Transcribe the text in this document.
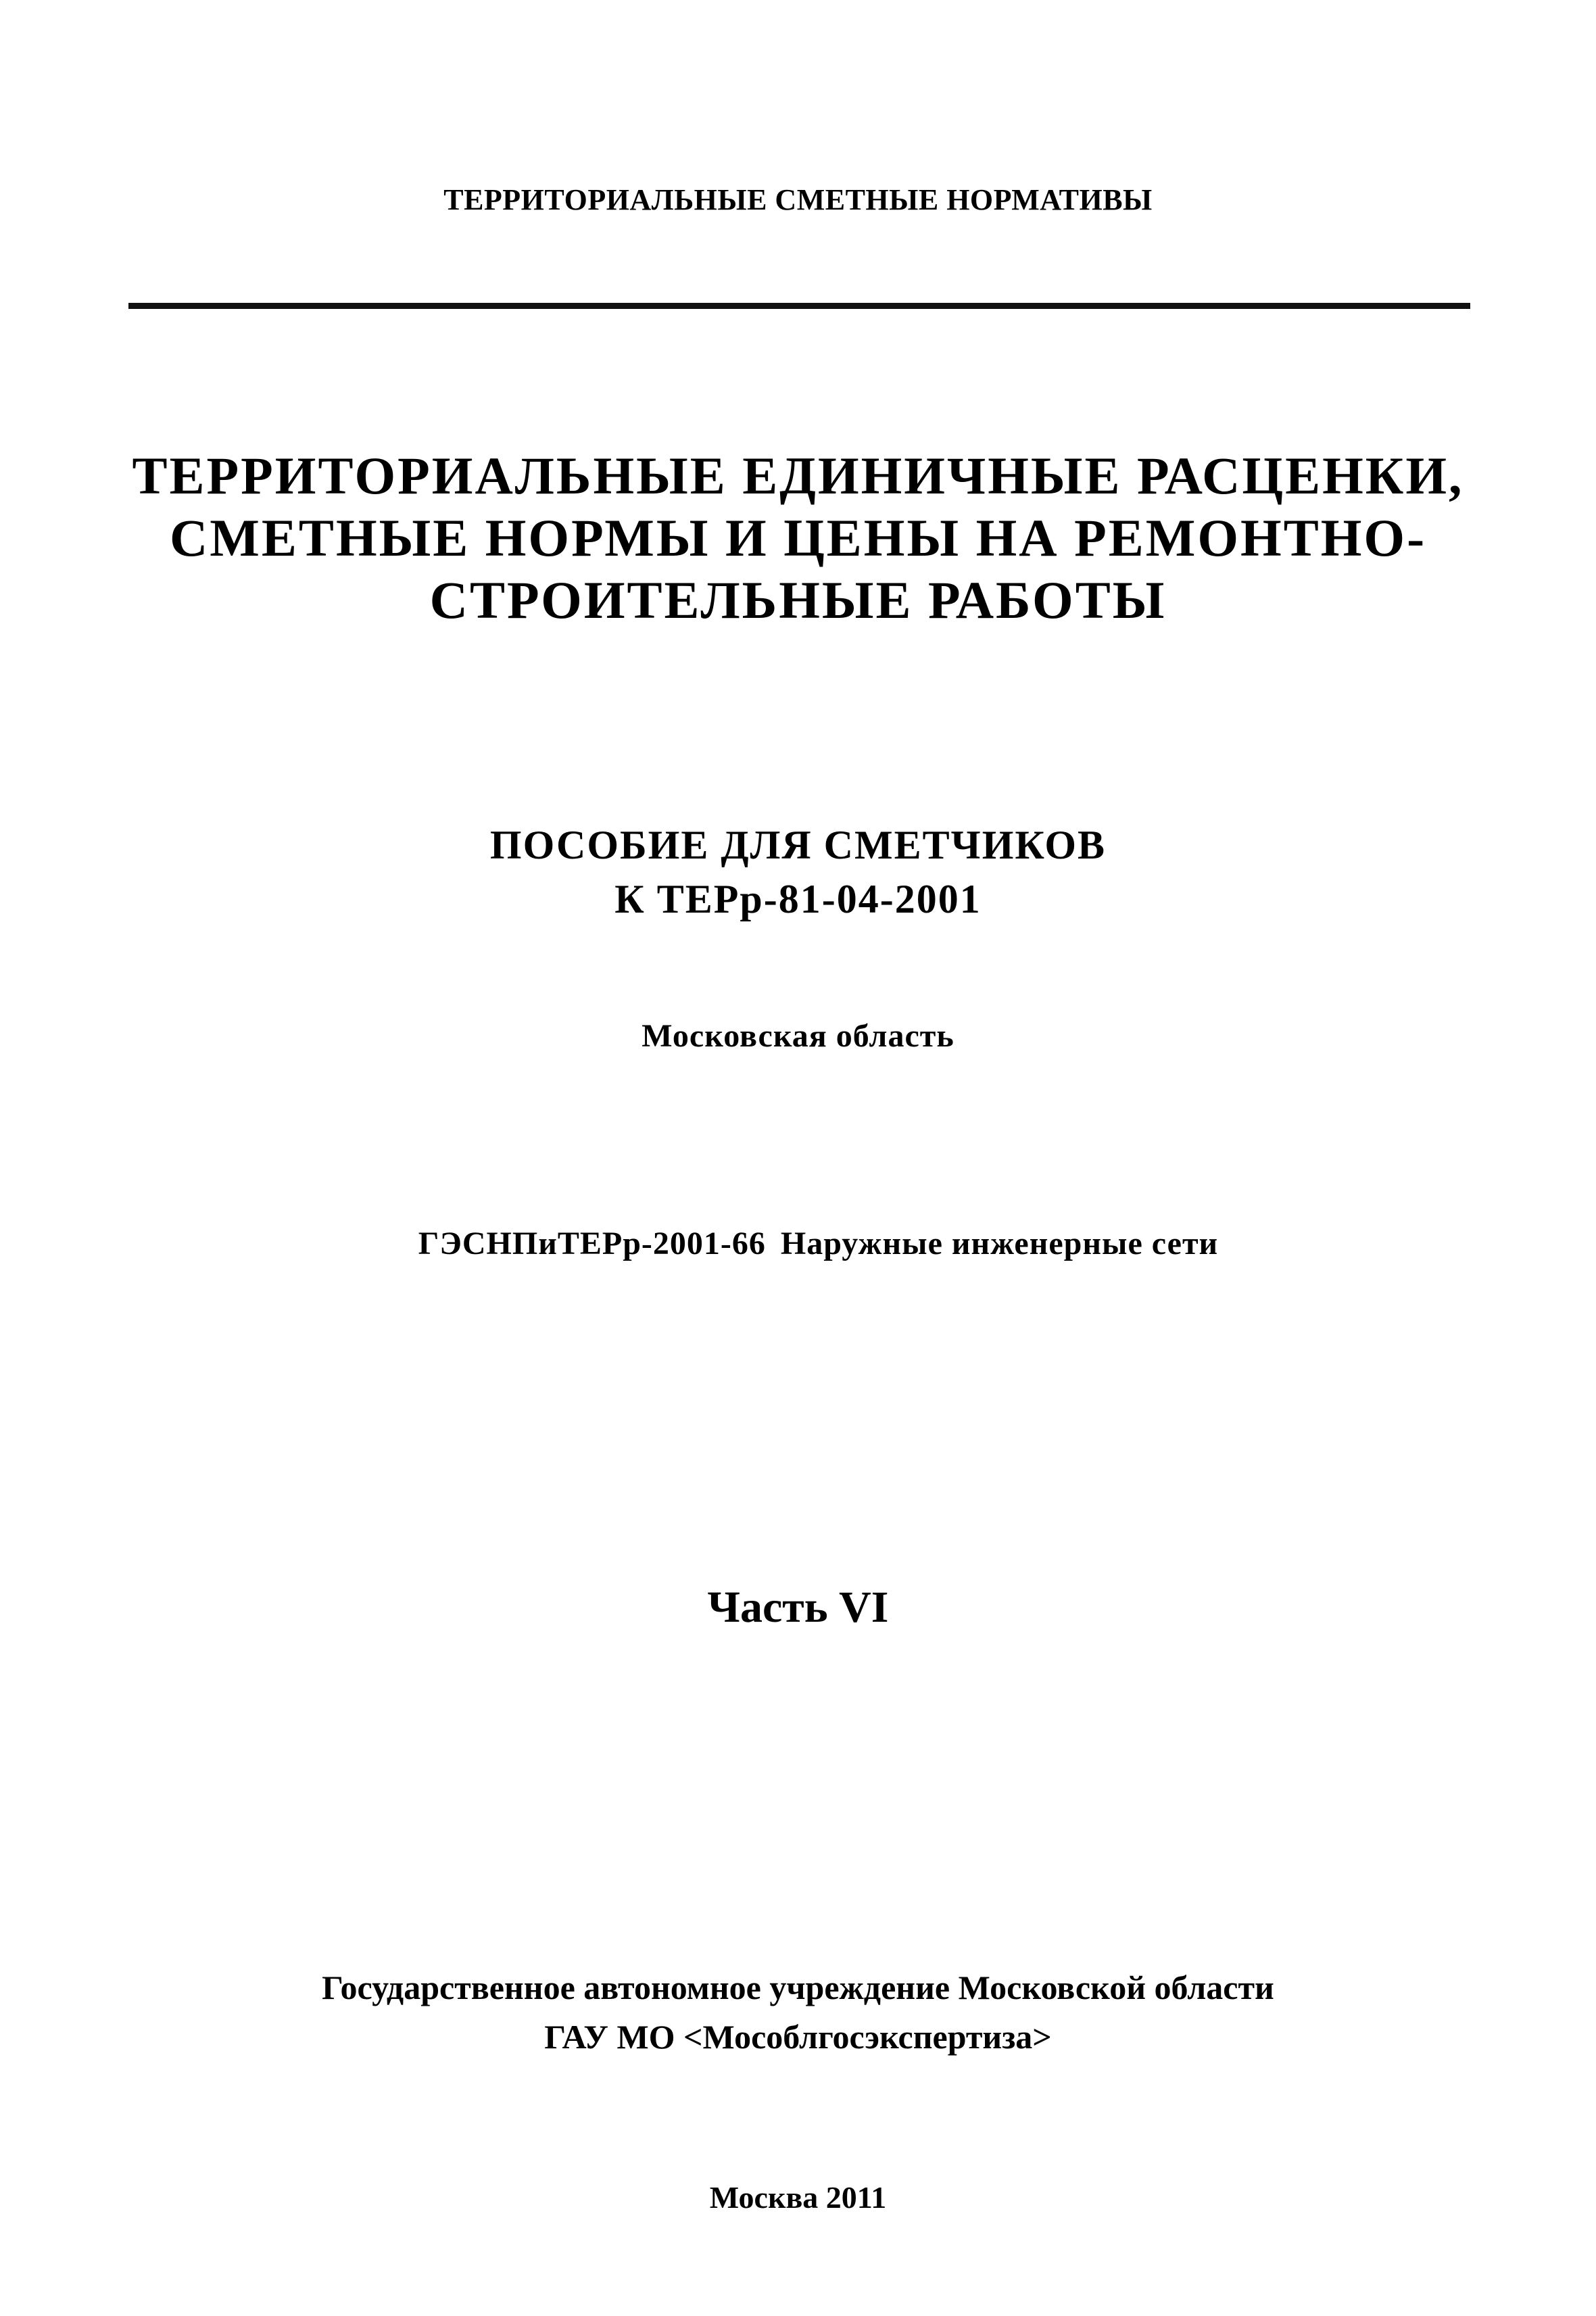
ТЕРРИТОРИАЛЬНЫЕ СМЕТНЫЕ НОРМАТИВЫ
ТЕРРИТОРИАЛЬНЫЕ ЕДИНИЧНЫЕ РАСЦЕНКИ,
СМЕТНЫЕ НОРМЫ И ЦЕНЫ НА РЕМОНТНО-
СТРОИТЕЛЬНЫЕ РАБОТЫ
ПОСОБИЕ ДЛЯ СМЕТЧИКОВ
К ТЕРр-81-04-2001
Московская область
ГЭСНПиТЕРр-2001-66 Наружные инженерные сети
Часть VI
Государственное автономное учреждение Московской области
ГАУ МО <Мособлгосэкспертиза>
Москва 2011
